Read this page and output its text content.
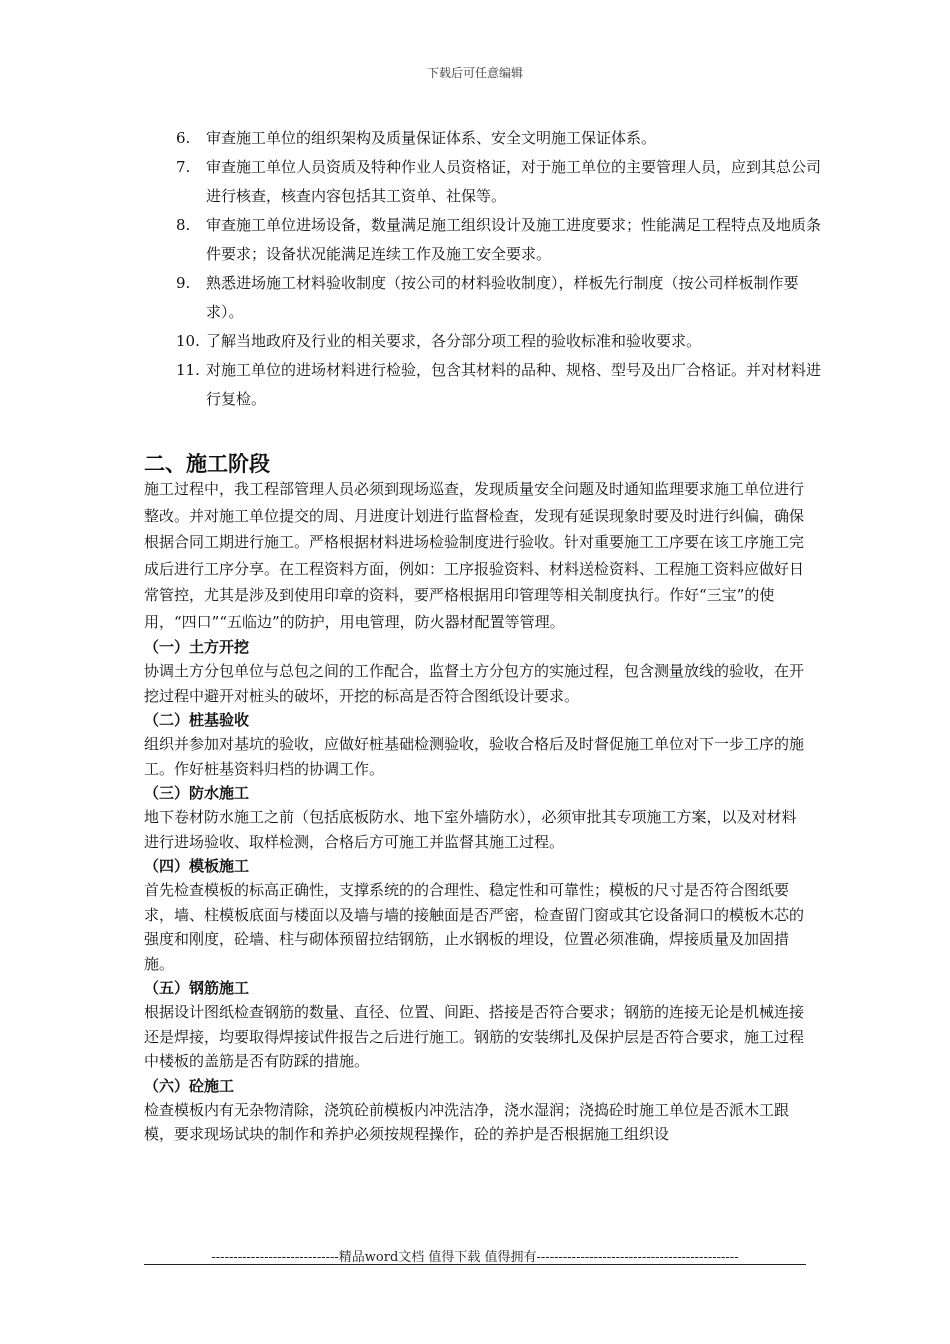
下载后可任意编辑
6.	审查施工单位的组织架构及质量保证体系、安全文明施工保证体系。
7.	审查施工单位人员资质及特种作业人员资格证，对于施工单位的主要管理人员，应到其总公司进行核查，核查内容包括其工资单、社保等。
8.	审查施工单位进场设备，数量满足施工组织设计及施工进度要求；性能满足工程特点及地质条件要求；设备状况能满足连续工作及施工安全要求。
9.	熟悉进场施工材料验收制度（按公司的材料验收制度），样板先行制度（按公司样板制作要求）。
10. 了解当地政府及行业的相关要求，各分部分项工程的验收标准和验收要求。
11. 对施工单位的进场材料进行检验，包含其材料的品种、规格、型号及出厂合格证。并对材料进行复检。
二、施工阶段

施工过程中，我工程部管理人员必须到现场巡查，发现质量安全问题及时通知监理要求施工单位进行整改。并对施工单位提交的周、月进度计划进行监督检查，发现有延误现象时要及时进行纠偏，确保根据合同工期进行施工。严格根据材料进场检验制度进行验收。针对重要施工工序要在该工序施工完成后进行工序分享。在工程资料方面，例如：工序报验资料、材料送检资料、工程施工资料应做好日常管控，尤其是涉及到使用印章的资料，要严格根据用印管理等相关制度执行。作好“三宝”的使用，“四口”“五临边”的防护，用电管理，防火器材配置等管理。

（一）土方开挖

协调土方分包单位与总包之间的工作配合，监督土方分包方的实施过程，包含测量放线的验收，在开挖过程中避开对桩头的破坏，开挖的标高是否符合图纸设计要求。

（二）桩基验收

组织并参加对基坑的验收，应做好桩基础检测验收，验收合格后及时督促施工单位对下一步工序的施工。作好桩基资料归档的协调工作。

（三）防水施工

地下卷材防水施工之前（包括底板防水、地下室外墙防水），必须审批其专项施工方案，以及对材料进行进场验收、取样检测，合格后方可施工并监督其施工过程。

（四）模板施工

首先检查模板的标高正确性，支撑系统的的合理性、稳定性和可靠性；模板的尺寸是否符合图纸要求，墙、柱模板底面与楼面以及墙与墙的接触面是否严密，检查留门窗或其它设备洞口的模板木芯的强度和刚度，砼墙、柱与砌体预留拉结钢筋，止水钢板的埋设，位置必须准确，焊接质量及加固措施。

（五）钢筋施工

根据设计图纸检查钢筋的数量、直径、位置、间距、搭接是否符合要求；钢筋的连接无论是机械连接还是焊接，均要取得焊接试件报告之后进行施工。钢筋的安装绑扎及保护层是否符合要求，施工过程中楼板的盖筋是否有防踩的措施。

（六）砼施工

检查模板内有无杂物清除，浇筑砼前模板内冲洗洁净，浇水湿润；浇捣砼时施工单位是否派木工跟模，要求现场试块的制作和养护必须按规程操作，砼的养护是否根据施工组织设

-----------------------------精品word文档 值得下载 值得拥有----------------------------------------------
